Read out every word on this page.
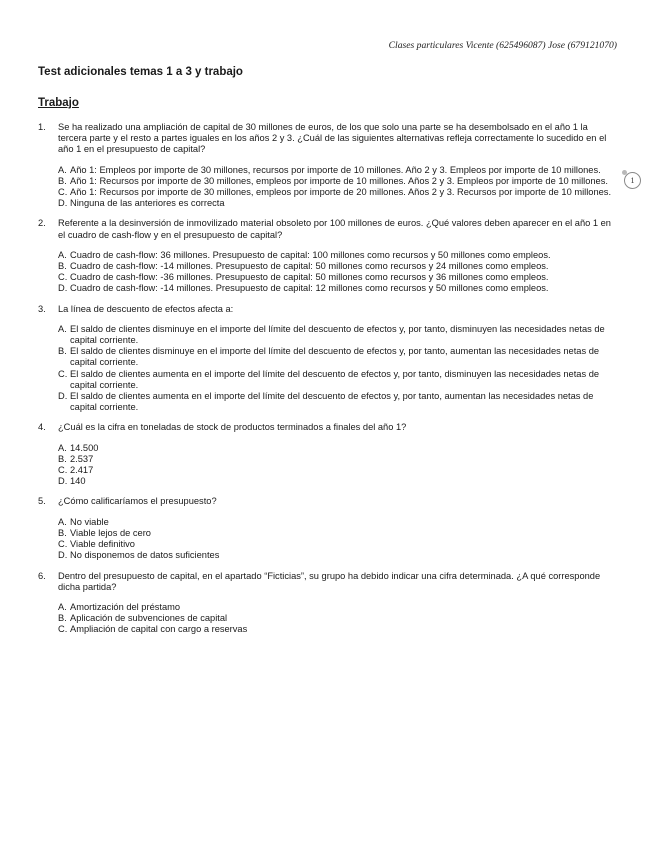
Clases particulares Vicente (625496087) Jose (679121070)
Test adicionales temas 1 a 3 y trabajo
Trabajo
1. Se ha realizado una ampliación de capital de 30 millones de euros, de los que solo una parte se ha desembolsado en el año 1 la tercera parte y el resto a partes iguales en los años 2 y 3. ¿Cuál de las siguientes alternativas refleja correctamente lo sucedido en el año 1 en el presupuesto de capital?
A. Año 1: Empleos por importe de 30 millones, recursos por importe de 10 millones. Año 2 y 3. Empleos por importe de 10 millones.
B. Año 1: Recursos por importe de 30 millones, empleos por importe de 10 millones. Años 2 y 3. Empleos por importe de 10 millones.
C. Año 1: Recursos por importe de 30 millones, empleos por importe de 20 millones. Años 2 y 3. Recursos por importe de 10 millones.
D. Ninguna de las anteriores es correcta
2. Referente a la desinversión de inmovilizado material obsoleto por 100 millones de euros. ¿Qué valores deben aparecer en el año 1 en el cuadro de cash-flow y en el presupuesto de capital?
A. Cuadro de cash-flow: 36 millones. Presupuesto de capital: 100 millones como recursos y 50 millones como empleos.
B. Cuadro de cash-flow: -14 millones. Presupuesto de capital: 50 millones como recursos y 24 millones como empleos.
C. Cuadro de cash-flow: -36 millones. Presupuesto de capital: 50 millones como recursos y 36 millones como empleos.
D. Cuadro de cash-flow: -14 millones. Presupuesto de capital: 12 millones como recursos y 50 millones como empleos.
3. La línea de descuento de efectos afecta a:
A. El saldo de clientes disminuye en el importe del límite del descuento de efectos y, por tanto, disminuyen las necesidades netas de capital corriente.
B. El saldo de clientes disminuye en el importe del límite del descuento de efectos y, por tanto, aumentan las necesidades netas de capital corriente.
C. El saldo de clientes aumenta en el importe del límite del descuento de efectos y, por tanto, disminuyen las necesidades netas de capital corriente.
D. El saldo de clientes aumenta en el importe del límite del descuento de efectos y, por tanto, aumentan las necesidades netas de capital corriente.
4. ¿Cuál es la cifra en toneladas de stock de productos terminados a finales del año 1?
A. 14.500
B. 2.537
C. 2.417
D. 140
5. ¿Cómo calificaríamos el presupuesto?
A. No viable
B. Viable lejos de cero
C. Viable definitivo
D. No disponemos de datos suficientes
6. Dentro del presupuesto de capital, en el apartado “Ficticias”, su grupo ha debido indicar una cifra determinada. ¿A qué corresponde dicha partida?
A. Amortización del préstamo
B. Aplicación de subvenciones de capital
C. Ampliación de capital con cargo a reservas
1
